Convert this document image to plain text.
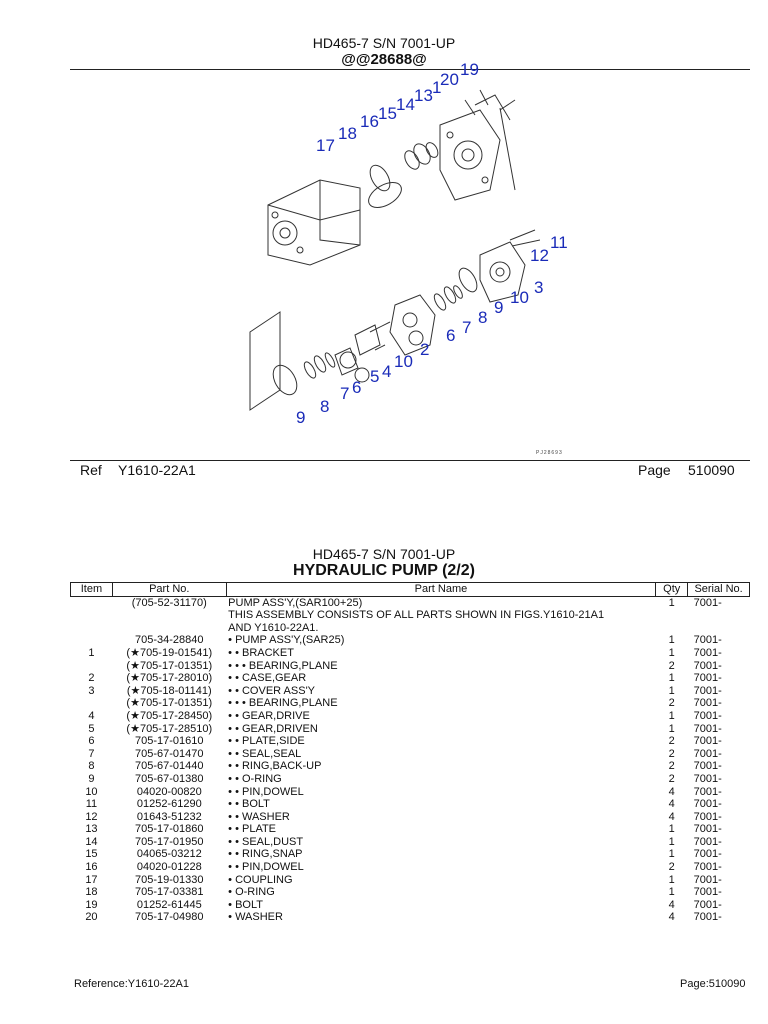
HD465-7 S/N 7001-UP
@@28688@
17
18
16 15 14 13 1
20
19
12
11
9
10
3
6 7
8
10
2
5 4
9
8
7 6
PJ28693
Ref Y1610-22A1	Page 510090
HD465-7 S/N 7001-UP
HYDRAULIC PUMP (2/2)
Item	Part No.	Part Name	Qty	Serial No.
	(705-52-31170)	PUMP ASS'Y,(SAR100+25)	1	7001-
		THIS ASSEMBLY CONSISTS OF ALL PARTS SHOWN IN FIGS.Y1610-21A1		
		AND Y1610-22A1.		
	705-34-28840	• PUMP ASS'Y,(SAR25)	1	7001-
1	(★705-19-01541)	• • BRACKET	1	7001-
	(★705-17-01351)	• • • BEARING,PLANE	2	7001-
2	(★705-17-28010)	• • CASE,GEAR	1	7001-
3	(★705-18-01141)	• • COVER ASS'Y	1	7001-
	(★705-17-01351)	• • • BEARING,PLANE	2	7001-
4	(★705-17-28450)	• • GEAR,DRIVE	1	7001-
5	(★705-17-28510)	• • GEAR,DRIVEN	1	7001-
6	705-17-01610	• • PLATE,SIDE	2	7001-
7	705-67-01470	• • SEAL,SEAL	2	7001-
8	705-67-01440	• • RING,BACK-UP	2	7001-
9	705-67-01380	• • O-RING	2	7001-
10	04020-00820	• • PIN,DOWEL	4	7001-
11	01252-61290	• • BOLT	4	7001-
12	01643-51232	• • WASHER	4	7001-
13	705-17-01860	• • PLATE	1	7001-
14	705-17-01950	• • SEAL,DUST	1	7001-
15	04065-03212	• • RING,SNAP	1	7001-
16	04020-01228	• • PIN,DOWEL	2	7001-
17	705-19-01330	• COUPLING	1	7001-
18	705-17-03381	• O-RING	1	7001-
19	01252-61445	• BOLT	4	7001-
20	705-17-04980	• WASHER	4	7001-
Reference:Y1610-22A1	Page:510090
